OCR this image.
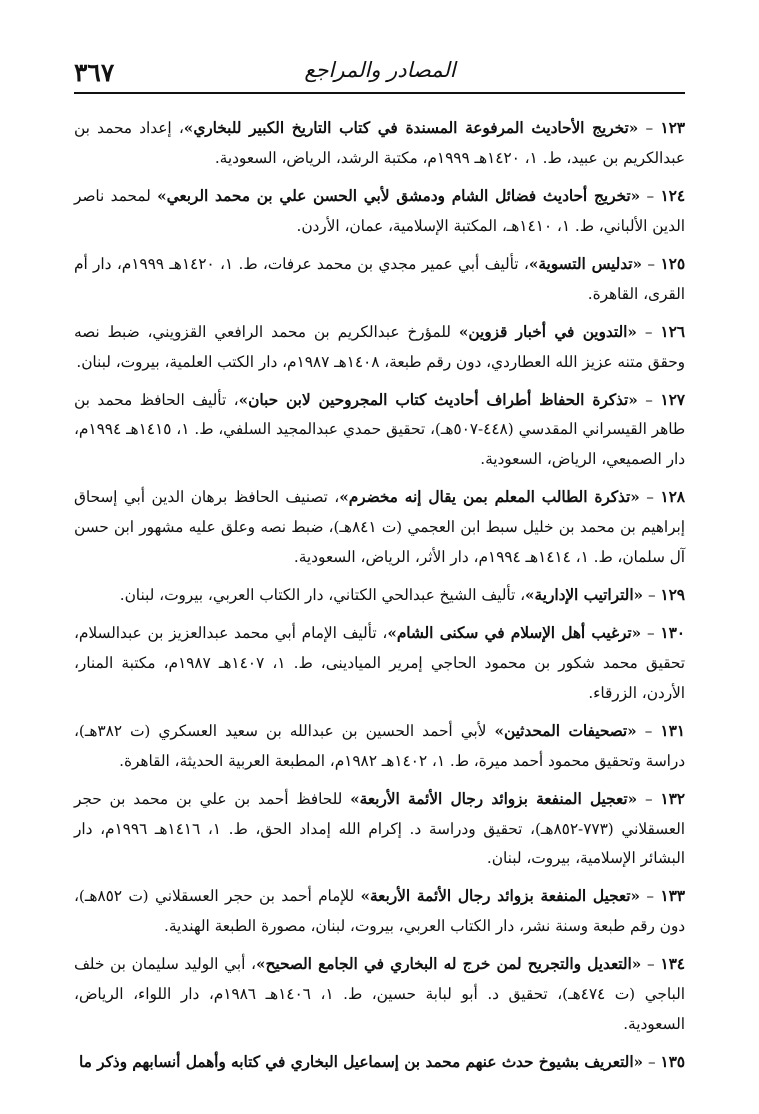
٣٦٧	المصادر والمراجع

١٢٣ – «تخريج الأحاديث المرفوعة المسندة في كتاب التاريخ الكبير للبخاري»، إعداد محمد بن عبدالكريم بن عبيد، ط. ١، ١٤٢٠هـ ١٩٩٩م، مكتبة الرشد، الرياض، السعودية.

١٢٤ – «تخريج أحاديث فضائل الشام ودمشق لأبي الحسن علي بن محمد الربعي» لمحمد ناصر الدين الألباني، ط. ١، ١٤١٠هـ، المكتبة الإسلامية، عمان، الأردن.

١٢٥ – «تدليس التسوية»، تأليف أبي عمير مجدي بن محمد عرفات، ط. ١، ١٤٢٠هـ ١٩٩٩م، دار أم القرى، القاهرة.

١٢٦ – «التدوين في أخبار قزوين» للمؤرخ عبدالكريم بن محمد الرافعي القزويني، ضبط نصه وحقق متنه عزيز الله العطاردي، دون رقم طبعة، ١٤٠٨هـ ١٩٨٧م، دار الكتب العلمية، بيروت، لبنان.

١٢٧ – «تذكرة الحفاظ أطراف أحاديث كتاب المجروحين لابن حبان»، تأليف الحافظ محمد بن طاهر القيسراني المقدسي (٤٤٨-٥٠٧هـ)، تحقيق حمدي عبدالمجيد السلفي، ط. ١، ١٤١٥هـ ١٩٩٤م، دار الصميعي، الرياض، السعودية.

١٢٨ – «تذكرة الطالب المعلم بمن يقال إنه مخضرم»، تصنيف الحافظ برهان الدين أبي إسحاق إبراهيم بن محمد بن خليل سبط ابن العجمي (ت ٨٤١هـ)، ضبط نصه وعلق عليه مشهور ابن حسن آل سلمان، ط. ١، ١٤١٤هـ ١٩٩٤م، دار الأثر، الرياض، السعودية.

١٢٩ – «التراتيب الإدارية»، تأليف الشيخ عبدالحي الكتاني، دار الكتاب العربي، بيروت، لبنان.

١٣٠ – «ترغيب أهل الإسلام في سكنى الشام»، تأليف الإمام أبي محمد عبدالعزيز بن عبدالسلام، تحقيق محمد شكور بن محمود الحاجي إمرير الميادينى، ط. ١، ١٤٠٧هـ ١٩٨٧م، مكتبة المنار، الأردن، الزرقاء.

١٣١ – «تصحيفات المحدثين» لأبي أحمد الحسين بن عبدالله بن سعيد العسكري (ت ٣٨٢هـ)، دراسة وتحقيق محمود أحمد ميرة، ط. ١، ١٤٠٢هـ ١٩٨٢م، المطبعة العربية الحديثة، القاهرة.

١٣٢ – «تعجيل المنفعة بزوائد رجال الأئمة الأربعة» للحافظ أحمد بن علي بن محمد بن حجر العسقلاني (٧٧٣-٨٥٢هـ)، تحقيق ودراسة د. إكرام الله إمداد الحق، ط. ١، ١٤١٦هـ ١٩٩٦م، دار البشائر الإسلامية، بيروت، لبنان.

١٣٣ – «تعجيل المنفعة بزوائد رجال الأئمة الأربعة» للإمام أحمد بن حجر العسقلاني (ت ٨٥٢هـ)، دون رقم طبعة وسنة نشر، دار الكتاب العربي، بيروت، لبنان، مصورة الطبعة الهندية.

١٣٤ – «التعديل والتجريح لمن خرج له البخاري في الجامع الصحيح»، أبي الوليد سليمان بن خلف الباجي (ت ٤٧٤هـ)، تحقيق د. أبو لبابة حسين، ط. ١، ١٤٠٦هـ ١٩٨٦م، دار اللواء، الرياض، السعودية.

١٣٥ – «التعريف بشيوخ حدث عنهم محمد بن إسماعيل البخاري في كتابه وأهمل أنسابهم وذكر ما
